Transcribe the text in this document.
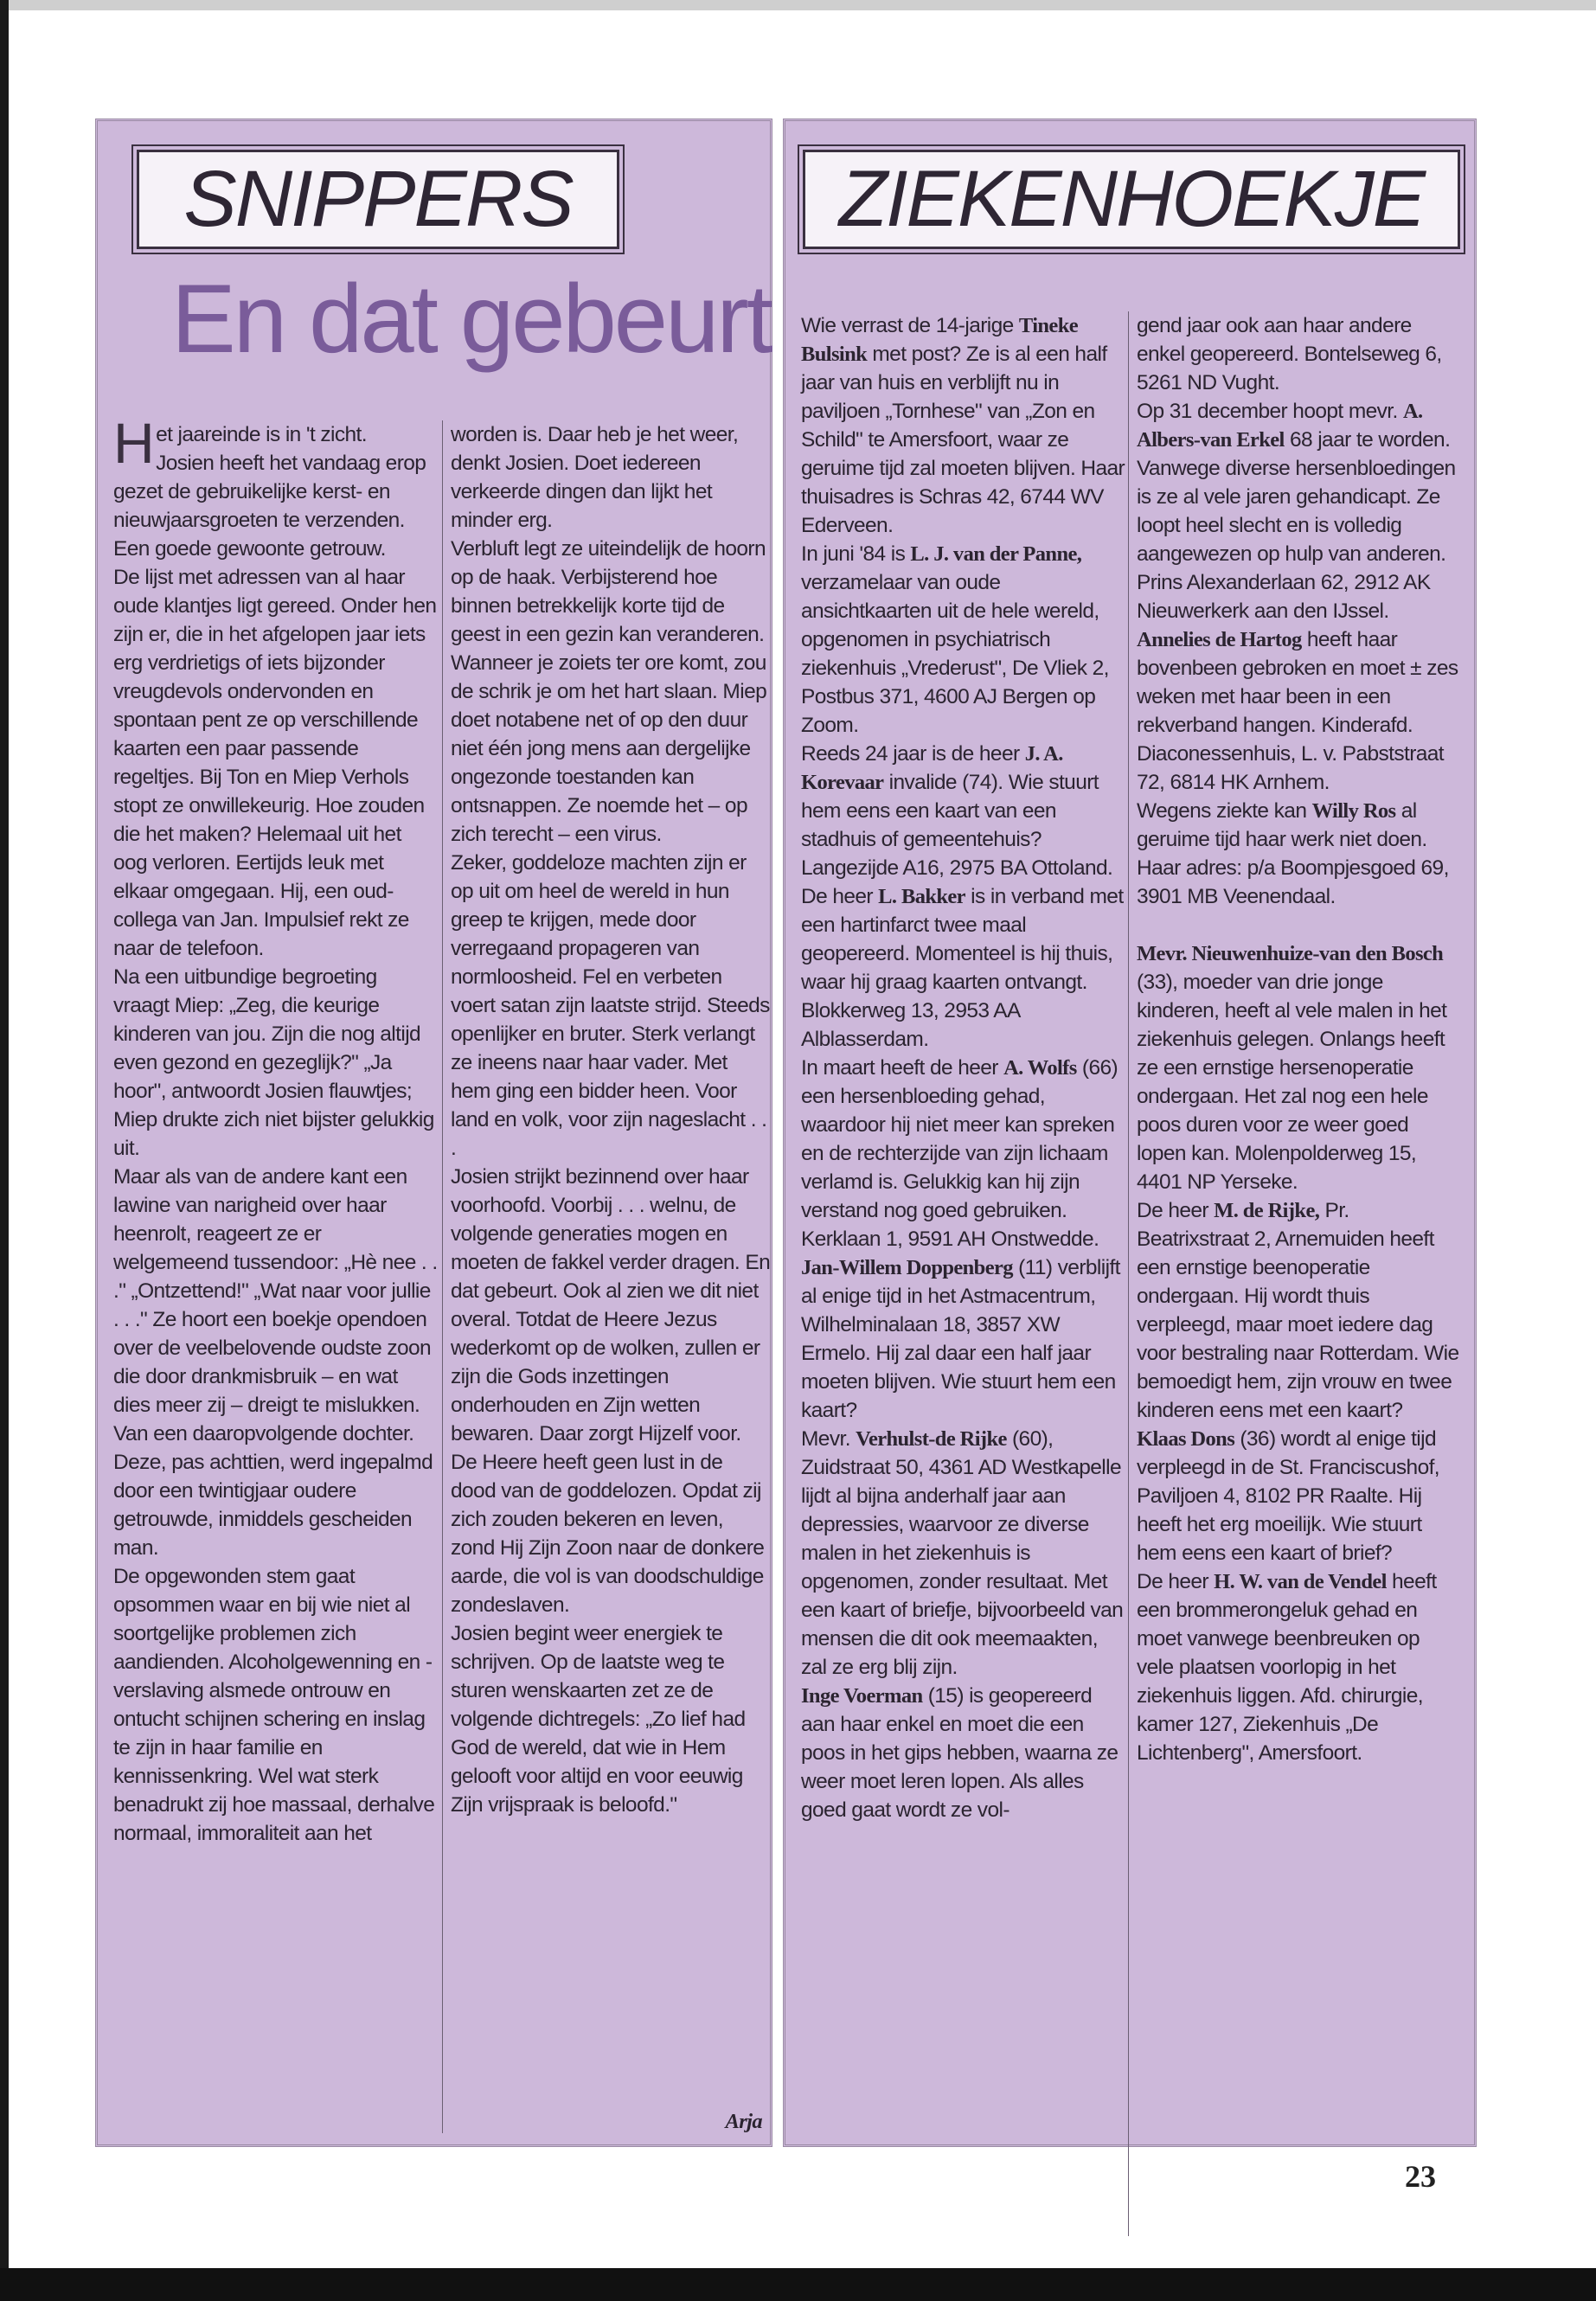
SNIPPERS
En dat gebeurt
H et jaareinde is in 't zicht.
Josien heeft het vandaag erop gezet de gebruikelijke kerst- en nieuwjaarsgroeten te verzenden. Een goede gewoonte getrouw.
De lijst met adressen van al haar oude klantjes ligt gereed. Onder hen zijn er, die in het afgelopen jaar iets erg verdrietigs of iets bijzonder vreugdevols ondervonden en spontaan pent ze op verschillende kaarten een paar passende regeltjes. Bij Ton en Miep Verhols stopt ze onwillekeurig. Hoe zouden die het maken? Helemaal uit het oog verloren. Eertijds leuk met elkaar omgegaan. Hij, een oud-collega van Jan. Impulsief rekt ze naar de telefoon.
Na een uitbundige begroeting vraagt Miep: „Zeg, die keurige kinderen van jou. Zijn die nog altijd even gezond en gezeglijk?" „Ja hoor", antwoordt Josien flauwtjes; Miep drukte zich niet bijster gelukkig uit.
Maar als van de andere kant een lawine van narigheid over haar heenrolt, reageert ze er welgemeend tussendoor: „Hè nee . . ." „Ontzettend!" „Wat naar voor jullie . . ." Ze hoort een boekje opendoen over de veelbelovende oudste zoon die door drankmisbruik – en wat dies meer zij – dreigt te mislukken. Van een daaropvolgende dochter. Deze, pas achttien, werd ingepalmd door een twintigjaar oudere getrouwde, inmiddels gescheiden man.
De opgewonden stem gaat opsommen waar en bij wie niet al soortgelijke problemen zich aandienden. Alcoholgewenning en -verslaving alsmede ontrouw en ontucht schijnen schering en inslag te zijn in haar familie en kennissenkring. Wel wat sterk benadrukt zij hoe massaal, derhalve normaal, immoraliteit aan het

worden is. Daar heb je het weer, denkt Josien. Doet iedereen verkeerde dingen dan lijkt het minder erg.
Verbluft legt ze uiteindelijk de hoorn op de haak. Verbijsterend hoe binnen betrekkelijk korte tijd de geest in een gezin kan veranderen. Wanneer je zoiets ter ore komt, zou de schrik je om het hart slaan. Miep doet notabene net of op den duur niet één jong mens aan dergelijke ongezonde toestanden kan ontsnappen. Ze noemde het – op zich terecht – een virus.
Zeker, goddeloze machten zijn er op uit om heel de wereld in hun greep te krijgen, mede door verregaand propageren van normloosheid. Fel en verbeten voert satan zijn laatste strijd. Steeds openlijker en bruter. Sterk verlangt ze ineens naar haar vader. Met hem ging een bidder heen. Voor land en volk, voor zijn nageslacht . . .
Josien strijkt bezinnend over haar voorhoofd. Voorbij . . . welnu, de volgende generaties mogen en moeten de fakkel verder dragen. En dat gebeurt. Ook al zien we dit niet overal. Totdat de Heere Jezus wederkomt op de wolken, zullen er zijn die Gods inzettingen onderhouden en Zijn wetten bewaren. Daar zorgt Hijzelf voor. De Heere heeft geen lust in de dood van de goddelozen. Opdat zij zich zouden bekeren en leven, zond Hij Zijn Zoon naar de donkere aarde, die vol is van doodschuldige zondeslaven.
Josien begint weer energiek te schrijven. Op de laatste weg te sturen wenskaarten zet ze de volgende dichtregels: „Zo lief had God de wereld, dat wie in Hem gelooft voor altijd en voor eeuwig Zijn vrijspraak is beloofd."

Arja
ZIEKENHOEKJE

Wie verrast de 14-jarige Tineke Bulsink met post? Ze is al een half jaar van huis en verblijft nu in paviljoen „Tornhese" van „Zon en Schild" te Amersfoort, waar ze geruime tijd zal moeten blijven. Haar thuisadres is Schras 42, 6744 WV Ederveen.
In juni '84 is L. J. van der Panne, verzamelaar van oude ansichtkaarten uit de hele wereld, opgenomen in psychiatrisch ziekenhuis „Vrederust", De Vliek 2, Postbus 371, 4600 AJ Bergen op Zoom.
Reeds 24 jaar is de heer J. A. Korevaar invalide (74). Wie stuurt hem eens een kaart van een stadhuis of gemeentehuis? Langezijde A16, 2975 BA Ottoland.
De heer L. Bakker is in verband met een hartinfarct twee maal geopereerd. Momenteel is hij thuis, waar hij graag kaarten ontvangt. Blokkerweg 13, 2953 AA Alblasserdam.
In maart heeft de heer A. Wolfs (66) een hersenbloeding gehad, waardoor hij niet meer kan spreken en de rechterzijde van zijn lichaam verlamd is. Gelukkig kan hij zijn verstand nog goed gebruiken. Kerklaan 1, 9591 AH Onstwedde.
Jan-Willem Doppenberg (11) verblijft al enige tijd in het Astmacentrum, Wilhelminalaan 18, 3857 XW Ermelo. Hij zal daar een half jaar moeten blijven. Wie stuurt hem een kaart?
Mevr. Verhulst-de Rijke (60), Zuidstraat 50, 4361 AD Westkapelle lijdt al bijna anderhalf jaar aan depressies, waarvoor ze diverse malen in het ziekenhuis is opgenomen, zonder resultaat. Met een kaart of briefje, bijvoorbeeld van mensen die dit ook meemaakten, zal ze erg blij zijn.
Inge Voerman (15) is geopereerd aan haar enkel en moet die een poos in het gips hebben, waarna ze weer moet leren lopen. Als alles goed gaat wordt ze vol-

gend jaar ook aan haar andere enkel geopereerd. Bontelseweg 6, 5261 ND Vught.
Op 31 december hoopt mevr. A. Albers-van Erkel 68 jaar te worden. Vanwege diverse hersenbloedingen is ze al vele jaren gehandicapt. Ze loopt heel slecht en is volledig aangewezen op hulp van anderen. Prins Alexanderlaan 62, 2912 AK Nieuwerkerk aan den IJssel.
Annelies de Hartog heeft haar bovenbeen gebroken en moet ± zes weken met haar been in een rekverband hangen. Kinderafd. Diaconessenhuis, L. v. Pabststraat 72, 6814 HK Arnhem.
Wegens ziekte kan Willy Ros al geruime tijd haar werk niet doen. Haar adres: p/a Boompjesgoed 69, 3901 MB Veenendaal.

Mevr. Nieuwenhuize-van den Bosch (33), moeder van drie jonge kinderen, heeft al vele malen in het ziekenhuis gelegen. Onlangs heeft ze een ernstige hersenoperatie ondergaan. Het zal nog een hele poos duren voor ze weer goed lopen kan. Molenpolderweg 15, 4401 NP Yerseke.
De heer M. de Rijke, Pr. Beatrixstraat 2, Arnemuiden heeft een ernstige beenoperatie ondergaan. Hij wordt thuis verpleegd, maar moet iedere dag voor bestraling naar Rotterdam. Wie bemoedigt hem, zijn vrouw en twee kinderen eens met een kaart?
Klaas Dons (36) wordt al enige tijd verpleegd in de St. Franciscushof, Paviljoen 4, 8102 PR Raalte. Hij heeft het erg moeilijk. Wie stuurt hem eens een kaart of brief?
De heer H. W. van de Vendel heeft een brommerongeluk gehad en moet vanwege beenbreuken op vele plaatsen voorlopig in het ziekenhuis liggen. Afd. chirurgie, kamer 127, Ziekenhuis „De Lichtenberg", Amersfoort.

23
